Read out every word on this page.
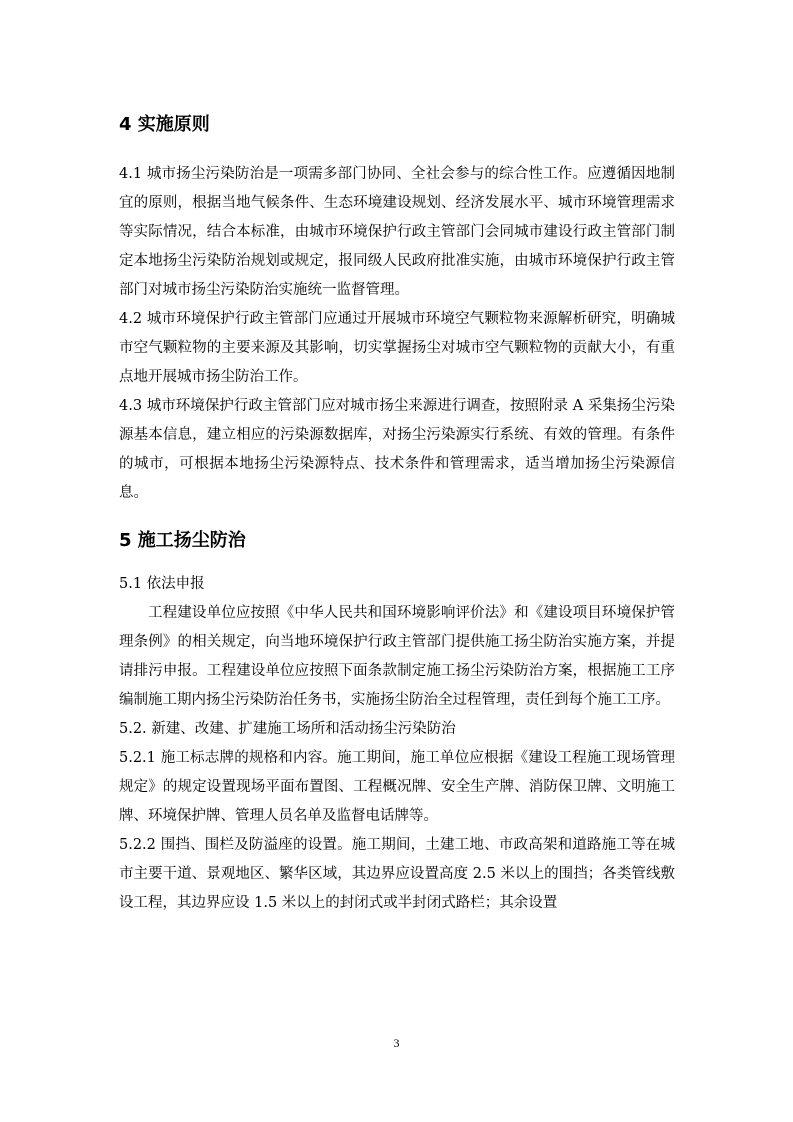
4 实施原则

4.1 城市扬尘污染防治是一项需多部门协同、全社会参与的综合性工作。应遵循因地制宜的原则，根据当地气候条件、生态环境建设规划、经济发展水平、城市环境管理需求等实际情况，结合本标准，由城市环境保护行政主管部门会同城市建设行政主管部门制定本地扬尘污染防治规划或规定，报同级人民政府批准实施，由城市环境保护行政主管部门对城市扬尘污染防治实施统一监督管理。

4.2 城市环境保护行政主管部门应通过开展城市环境空气颗粒物来源解析研究，明确城市空气颗粒物的主要来源及其影响，切实掌握扬尘对城市空气颗粒物的贡献大小，有重点地开展城市扬尘防治工作。

4.3 城市环境保护行政主管部门应对城市扬尘来源进行调查，按照附录 A 采集扬尘污染源基本信息，建立相应的污染源数据库，对扬尘污染源实行系统、有效的管理。有条件的城市，可根据本地扬尘污染源特点、技术条件和管理需求，适当增加扬尘污染源信息。

5 施工扬尘防治

5.1 依法申报

工程建设单位应按照《中华人民共和国环境影响评价法》和《建设项目环境保护管理条例》的相关规定，向当地环境保护行政主管部门提供施工扬尘防治实施方案，并提请排污申报。工程建设单位应按照下面条款制定施工扬尘污染防治方案，根据施工工序编制施工期内扬尘污染防治任务书，实施扬尘防治全过程管理，责任到每个施工工序。

5.2. 新建、改建、扩建施工场所和活动扬尘污染防治

5.2.1 施工标志牌的规格和内容。施工期间，施工单位应根据《建设工程施工现场管理规定》的规定设置现场平面布置图、工程概况牌、安全生产牌、消防保卫牌、文明施工牌、环境保护牌、管理人员名单及监督电话牌等。

5.2.2 围挡、围栏及防溢座的设置。施工期间，土建工地、市政高架和道路施工等在城市主要干道、景观地区、繁华区域，其边界应设置高度 2.5 米以上的围挡；各类管线敷设工程，其边界应设 1.5 米以上的封闭式或半封闭式路栏；其余设置

3
